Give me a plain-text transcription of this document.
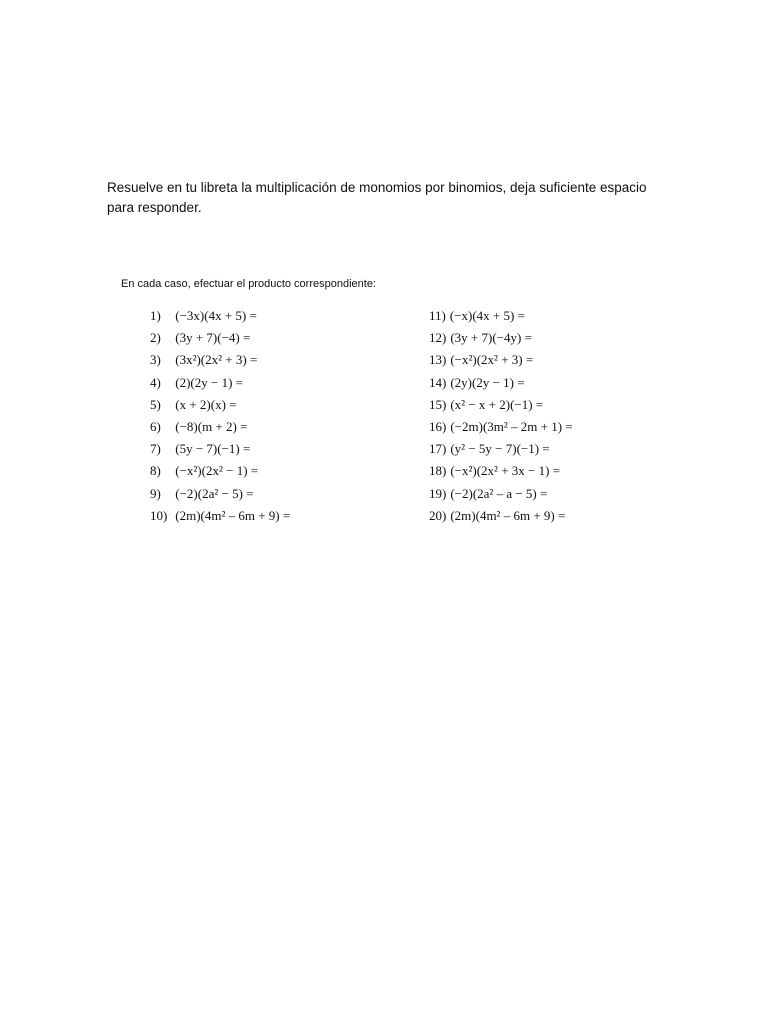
Resuelve en tu libreta la multiplicación de monomios por binomios, deja suficiente espacio para responder.

En cada caso, efectuar el producto correspondiente:

1) (−3x)(4x + 5) =
2) (3y + 7)(−4) =
3) (3x²)(2x² + 3) =
4) (2)(2y − 1) =
5) (x + 2)(x) =
6) (−8)(m + 2) =
7) (5y − 7)(−1) =
8) (−x²)(2x² − 1) =
9) (−2)(2a² − 5) =
10) (2m)(4m² – 6m + 9) =
11) (−x)(4x + 5) =
12) (3y + 7)(−4y) =
13) (−x²)(2x² + 3) =
14) (2y)(2y − 1) =
15) (x² − x + 2)(−1) =
16) (−2m)(3m² – 2m + 1) =
17) (y² − 5y − 7)(−1) =
18) (−x²)(2x² + 3x − 1) =
19) (−2)(2a² – a − 5) =
20) (2m)(4m² – 6m + 9) =
